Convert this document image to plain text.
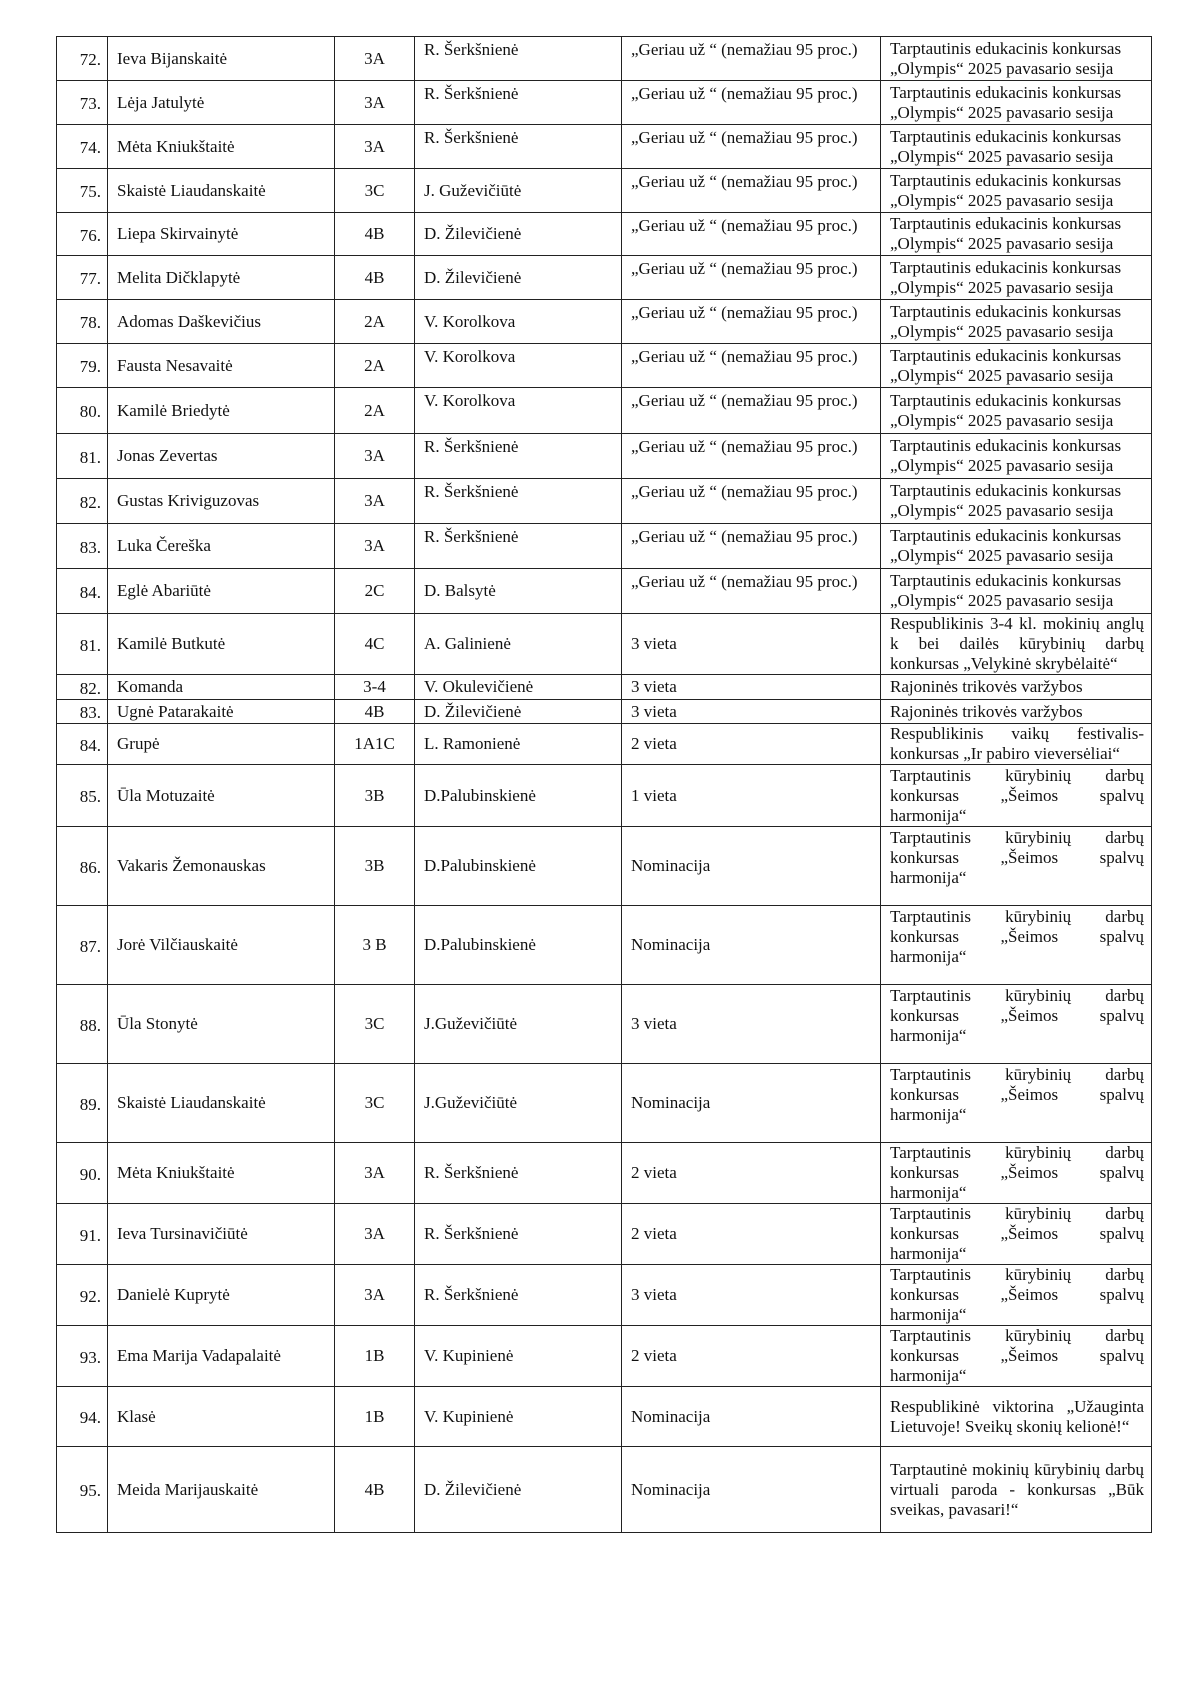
72.	Ieva Bijanskaitė	3A	R. Šerkšnienė	„Geriau už “ (nemažiau 95 proc.)	Tarptautinis edukacinis konkursas „Olympis“ 2025 pavasario sesija
73.	Lėja Jatulytė	3A	R. Šerkšnienė	„Geriau už “ (nemažiau 95 proc.)	Tarptautinis edukacinis konkursas „Olympis“ 2025 pavasario sesija
74.	Mėta Kniukštaitė	3A	R. Šerkšnienė	„Geriau už “ (nemažiau 95 proc.)	Tarptautinis edukacinis konkursas „Olympis“ 2025 pavasario sesija
75.	Skaistė Liaudanskaitė	3C	J. Guževičiūtė	„Geriau už “ (nemažiau 95 proc.)	Tarptautinis edukacinis konkursas „Olympis“ 2025 pavasario sesija
76.	Liepa Skirvainytė	4B	D. Žilevičienė	„Geriau už “ (nemažiau 95 proc.)	Tarptautinis edukacinis konkursas „Olympis“ 2025 pavasario sesija
77.	Melita Dičklapytė	4B	D. Žilevičienė	„Geriau už “ (nemažiau 95 proc.)	Tarptautinis edukacinis konkursas „Olympis“ 2025 pavasario sesija
78.	Adomas Daškevičius	2A	V. Korolkova	„Geriau už “ (nemažiau 95 proc.)	Tarptautinis edukacinis konkursas „Olympis“ 2025 pavasario sesija
79.	Fausta Nesavaitė	2A	V. Korolkova	„Geriau už “ (nemažiau 95 proc.)	Tarptautinis edukacinis konkursas „Olympis“ 2025 pavasario sesija
80.	Kamilė Briedytė	2A	V. Korolkova	„Geriau už “ (nemažiau 95 proc.)	Tarptautinis edukacinis konkursas „Olympis“ 2025 pavasario sesija
81.	Jonas Zevertas	3A	R. Šerkšnienė	„Geriau už “ (nemažiau 95 proc.)	Tarptautinis edukacinis konkursas „Olympis“ 2025 pavasario sesija
82.	Gustas Kriviguzovas	3A	R. Šerkšnienė	„Geriau už “ (nemažiau 95 proc.)	Tarptautinis edukacinis konkursas „Olympis“ 2025 pavasario sesija
83.	Luka Čereška	3A	R. Šerkšnienė	„Geriau už “ (nemažiau 95 proc.)	Tarptautinis edukacinis konkursas „Olympis“ 2025 pavasario sesija
84.	Eglė Abariūtė	2C	D. Balsytė	„Geriau už “ (nemažiau 95 proc.)	Tarptautinis edukacinis konkursas „Olympis“ 2025 pavasario sesija
81.	Kamilė Butkutė	4C	A. Galinienė	3 vieta	Respublikinis 3-4 kl. mokinių anglų k bei dailės kūrybinių darbų konkursas „Velykinė skrybėlaitė“
82.	Komanda	3-4	V. Okulevičienė	3 vieta	Rajoninės trikovės varžybos
83.	Ugnė Patarakaitė	4B	D. Žilevičienė	3 vieta	Rajoninės trikovės varžybos
84.	Grupė	1A1C	L. Ramonienė	2 vieta	Respublikinis vaikų festivalis- konkursas „Ir pabiro vieversėliai“
85.	Ūla Motuzaitė	3B	D.Palubinskienė	1 vieta	Tarptautinis kūrybinių darbų konkursas „Šeimos spalvų harmonija“
86.	Vakaris Žemonauskas	3B	D.Palubinskienė	Nominacija	Tarptautinis kūrybinių darbų konkursas „Šeimos spalvų harmonija“
87.	Jorė Vilčiauskaitė	3 B	D.Palubinskienė	Nominacija	Tarptautinis kūrybinių darbų konkursas „Šeimos spalvų harmonija“
88.	Ūla Stonytė	3C	J.Guževičiūtė	3 vieta	Tarptautinis kūrybinių darbų konkursas „Šeimos spalvų harmonija“
89.	Skaistė Liaudanskaitė	3C	J.Guževičiūtė	Nominacija	Tarptautinis kūrybinių darbų konkursas „Šeimos spalvų harmonija“
90.	Mėta Kniukštaitė	3A	R. Šerkšnienė	2 vieta	Tarptautinis kūrybinių darbų konkursas „Šeimos spalvų harmonija“
91.	Ieva Tursinavičiūtė	3A	R. Šerkšnienė	2 vieta	Tarptautinis kūrybinių darbų konkursas „Šeimos spalvų harmonija“
92.	Danielė Kuprytė	3A	R. Šerkšnienė	3 vieta	Tarptautinis kūrybinių darbų konkursas „Šeimos spalvų harmonija“
93.	Ema Marija Vadapalaitė	1B	V. Kupinienė	2 vieta	Tarptautinis kūrybinių darbų konkursas „Šeimos spalvų harmonija“
94.	Klasė	1B	V. Kupinienė	Nominacija	Respublikinė viktorina „Užauginta Lietuvoje! Sveikų skonių kelionė!“
95.	Meida Marijauskaitė	4B	D. Žilevičienė	Nominacija	Tarptautinė mokinių kūrybinių darbų virtuali paroda - konkursas „Būk sveikas, pavasari!“
